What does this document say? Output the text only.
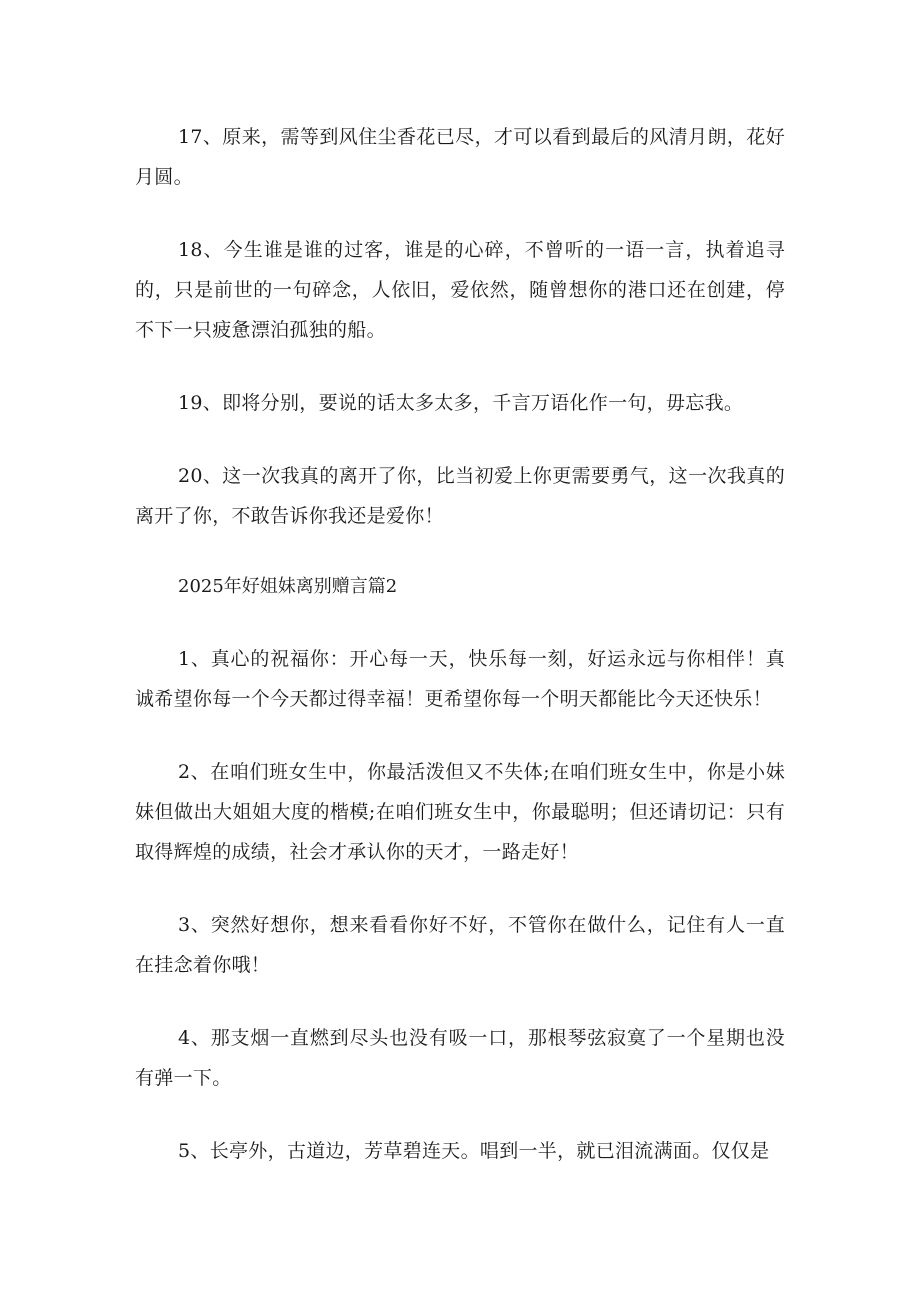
17、原来，需等到风住尘香花已尽，才可以看到最后的风清月朗，花好月圆。

18、今生谁是谁的过客，谁是的心碎，不曾听的一语一言，执着追寻的，只是前世的一句碎念，人依旧，爱依然，随曾想你的港口还在创建，停不下一只疲惫漂泊孤独的船。

19、即将分别，要说的话太多太多，千言万语化作一句，毋忘我。

20、这一次我真的离开了你，比当初爱上你更需要勇气，这一次我真的离开了你，不敢告诉你我还是爱你！

2025年好姐妹离别赠言篇2

1、真心的祝福你：开心每一天，快乐每一刻，好运永远与你相伴！真诚希望你每一个今天都过得幸福！更希望你每一个明天都能比今天还快乐！

2、在咱们班女生中，你最活泼但又不失体;在咱们班女生中，你是小妹妹但做出大姐姐大度的楷模;在咱们班女生中，你最聪明；但还请切记：只有取得辉煌的成绩，社会才承认你的天才，一路走好！

3、突然好想你，想来看看你好不好，不管你在做什么，记住有人一直在挂念着你哦！

4、那支烟一直燃到尽头也没有吸一口，那根琴弦寂寞了一个星期也没有弹一下。

5、长亭外，古道边，芳草碧连天。唱到一半，就已泪流满面。仅仅是
